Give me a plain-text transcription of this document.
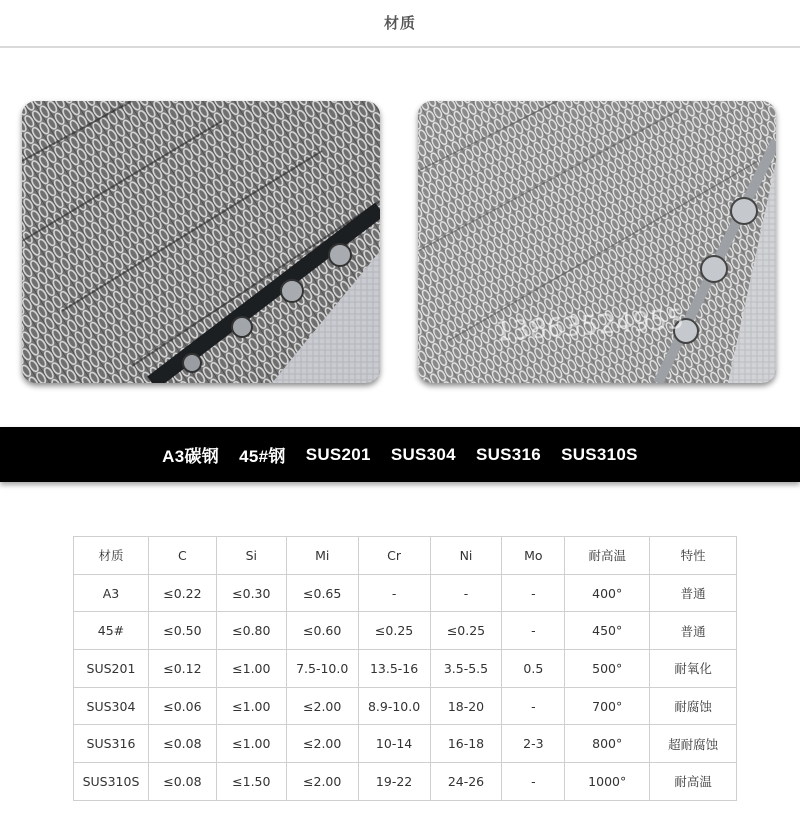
材质
13863524955
A3碳钢 45#钢 SUS201 SUS304 SUS316 SUS310S
材质	C	Si	Mi	Cr	Ni	Mo	耐高温	特性
A3	≤0.22	≤0.30	≤0.65	-	-	-	400°	普通
45#	≤0.50	≤0.80	≤0.60	≤0.25	≤0.25	-	450°	普通
SUS201	≤0.12	≤1.00	7.5-10.0	13.5-16	3.5-5.5	0.5	500°	耐氧化
SUS304	≤0.06	≤1.00	≤2.00	8.9-10.0	18-20	-	700°	耐腐蚀
SUS316	≤0.08	≤1.00	≤2.00	10-14	16-18	2-3	800°	超耐腐蚀
SUS310S	≤0.08	≤1.50	≤2.00	19-22	24-26	-	1000°	耐高温
